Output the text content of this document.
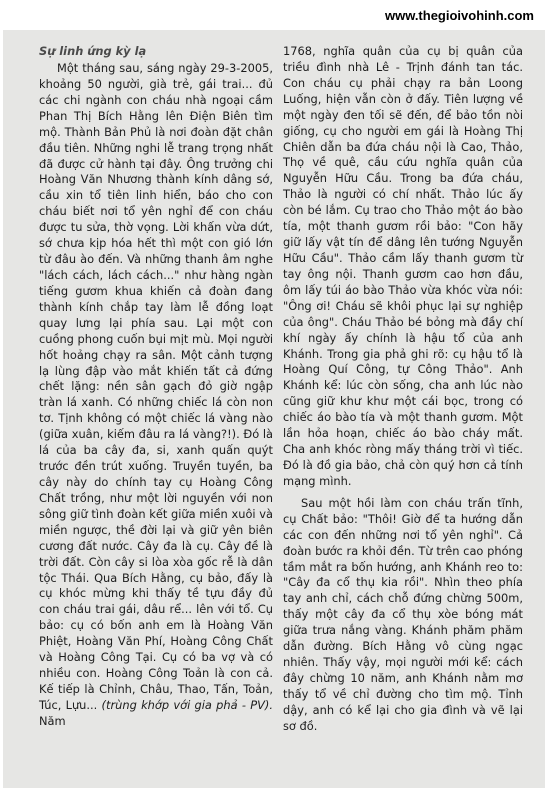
www.thegioivohinh.com
Sự linh ứng kỳ lạ

Một tháng sau, sáng ngày 29-3-2005, khoảng 50 người, già trẻ, gái trai... đủ các chi ngành con cháu nhà ngoại cầm Phan Thị Bích Hằng lên Điện Biên tìm mộ. Thành Bản Phủ là nơi đoàn đặt chân đầu tiên. Những nghi lễ trang trọng nhất đã được cử hành tại đây. Ông trưởng chi Hoàng Văn Nhương thành kính dâng sớ, cầu xin tổ tiên linh hiển, báo cho con cháu biết nơi tổ yên nghỉ để con cháu được tu sửa, thờ vọng. Lời khấn vừa dứt, sớ chưa kịp hóa hết thì một con gió lớn từ đâu ào đến. Và những thanh âm nghe "lách cách, lách cách..." như hàng ngàn tiếng gươm khua khiến cả đoàn đang thành kính chắp tay làm lễ đồng loạt quay lưng lại phía sau. Lại một con cuồng phong cuốn bụi mịt mù. Mọi người hốt hoảng chạy ra sân. Một cảnh tượng lạ lùng đập vào mắt khiến tất cả đứng chết lặng: nền sân gạch đỏ giờ ngập tràn lá xanh. Có những chiếc lá còn non tơ. Tịnh không có một chiếc lá vàng nào (giữa xuân, kiếm đâu ra lá vàng?!). Đó là lá của ba cây đa, si, xanh quấn quýt trước đền trút xuống. Truyền tuyền, ba cây này do chính tay cụ Hoàng Công Chất trồng, như một lời nguyền với non sông giữ tình đoàn kết giữa miền xuôi và miền ngược, thề đời lại và giữ yên biên cương đất nước. Cây đa là cụ. Cây đề là trời đất. Còn cây si lòa xòa gốc rễ là dân tộc Thái. Qua Bích Hằng, cụ bảo, đấy là cụ khóc mừng khi thấy tề tựu đầy đủ con cháu trai gái, dâu rể... lên với tổ. Cụ bảo: cụ có bốn anh em là Hoàng Văn Phiệt, Hoàng Văn Phí, Hoàng Công Chất và Hoàng Công Tại. Cụ có ba vợ và có nhiều con. Hoàng Công Toản là con cả. Kế tiếp là Chỉnh, Châu, Thao, Tấn, Toản, Túc, Lựu... (trùng khớp với gia phả - PV). Năm

1768, nghĩa quân của cụ bị quân của triều đình nhà Lê - Trịnh đánh tan tác. Con cháu cụ phải chạy ra bản Loong Luống, hiện vẫn còn ở đấy. Tiên lượng về một ngày đen tối sẽ đến, để bảo tồn nòi giống, cụ cho người em gái là Hoàng Thị Chiên dẫn ba đứa cháu nội là Cao, Thảo, Thọ về quê, cầu cứu nghĩa quân của Nguyễn Hữu Cầu. Trong ba đứa cháu, Thảo là người có chí nhất. Thảo lúc ấy còn bé lắm. Cụ trao cho Thảo một áo bào tía, một thanh gươm rồi bảo: "Con hãy giữ lấy vật tín để dâng lên tướng Nguyễn Hữu Cầu". Thảo cầm lấy thanh gươm từ tay ông nội. Thanh gươm cao hơn đầu, ôm lấy túi áo bào Thảo vừa khóc vừa nói: "Ông ơi! Cháu sẽ khôi phục lại sự nghiệp của ông". Cháu Thảo bé bỏng mà đầy chí khí ngày ấy chính là hậu tổ của anh Khánh. Trong gia phả ghi rõ: cụ hậu tổ là Hoàng Quí Công, tự Công Thảo". Anh Khánh kể: lúc còn sống, cha anh lúc nào cũng giữ khư khư một cái bọc, trong có chiếc áo bào tía và một thanh gươm. Một lần hỏa hoạn, chiếc áo bào cháy mất. Cha anh khóc ròng mấy tháng trời vì tiếc. Đó là đồ gia bảo, chả còn quý hơn cả tính mạng mình.

Sau một hồi làm con cháu trấn tĩnh, cụ Chất bảo: "Thôi! Giờ để ta hướng dẫn các con đến những nơi tổ yên nghỉ". Cả đoàn bước ra khỏi đền. Từ trên cao phóng tầm mắt ra bốn hướng, anh Khánh reo to: "Cây đa cổ thụ kia rồi". Nhìn theo phía tay anh chỉ, cách chỗ đứng chừng 500m, thấy một cây đa cổ thụ xòe bóng mát giữa trưa nắng vàng. Khánh phăm phăm dẫn đường. Bích Hằng vô cùng ngạc nhiên. Thấy vậy, mọi người mới kể: cách đây chừng 10 năm, anh Khánh nằm mơ thấy tổ về chỉ đường cho tìm mộ. Tỉnh dậy, anh có kể lại cho gia đình và vẽ lại sơ đồ.
